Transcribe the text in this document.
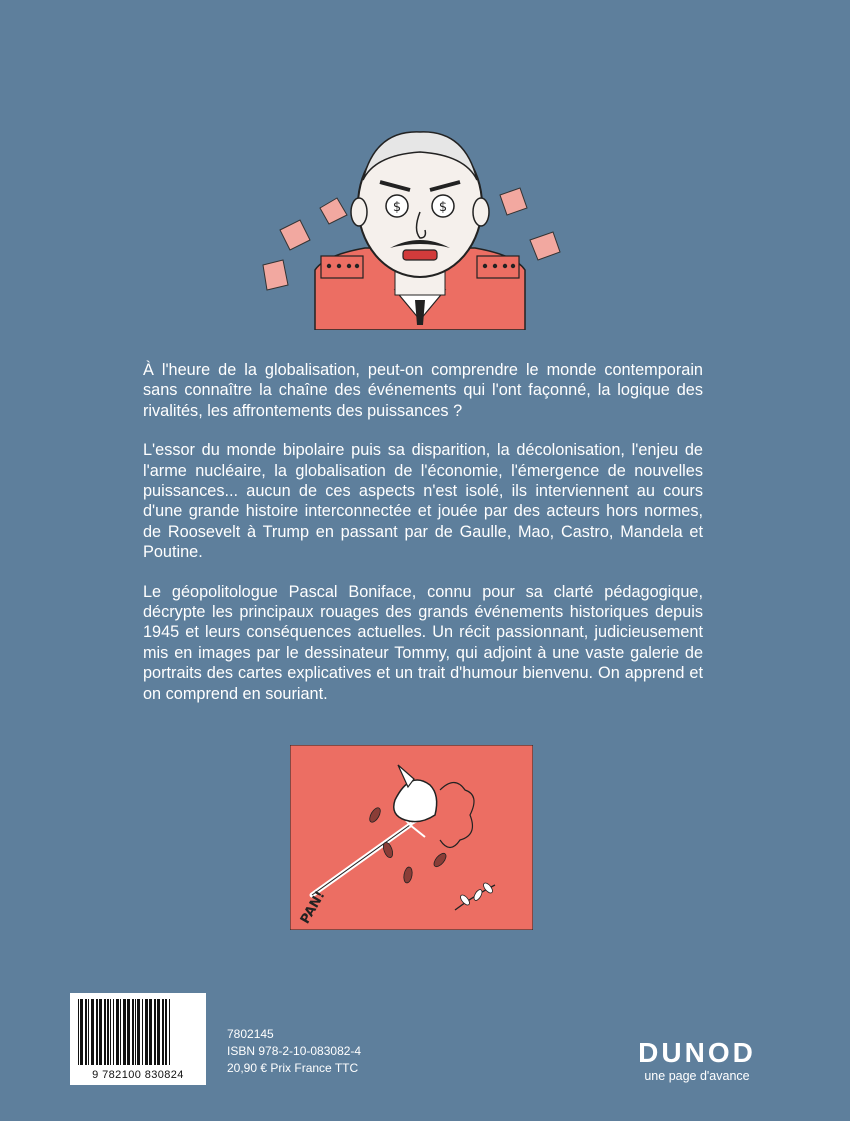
$	$

À l'heure de la globalisation, peut-on comprendre le monde contemporain sans connaître la chaîne des événements qui l'ont façonné, la logique des rivalités, les affrontements des puissances ?

L'essor du monde bipolaire puis sa disparition, la décolonisation, l'enjeu de l'arme nucléaire, la globalisation de l'économie, l'émergence de nouvelles puissances... aucun de ces aspects n'est isolé, ils interviennent au cours d'une grande histoire interconnectée et jouée par des acteurs hors normes, de Roosevelt à Trump en passant par de Gaulle, Mao, Castro, Mandela et Poutine.

Le géopolitologue Pascal Boniface, connu pour sa clarté pédagogique, décrypte les principaux rouages des grands événements historiques depuis 1945 et leurs conséquences actuelles. Un récit passionnant, judicieusement mis en images par le dessinateur Tommy, qui adjoint à une vaste galerie de portraits des cartes explicatives et un trait d'humour bienvenu. On apprend et on comprend en souriant.

PAN!
9 782100 830824
7802145
ISBN 978-2-10-083082-4
20,90 € Prix France TTC	DUNOD
une page d'avance
